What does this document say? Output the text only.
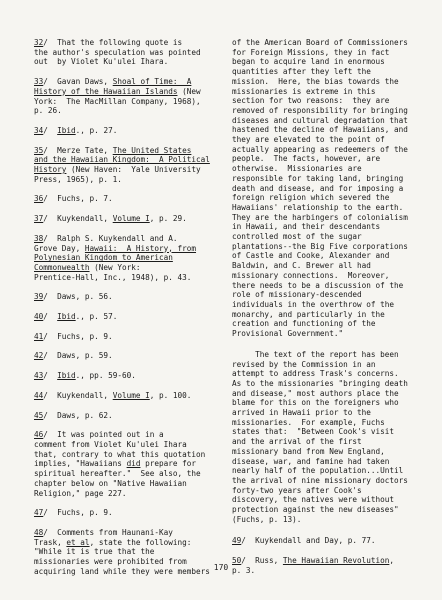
32/  That the following quote is
the author's speculation was pointed
out  by Violet Ku'ulei Ihara.
33/  Gavan Daws, Shoal of Time:  A
History of the Hawaiian Islands (New
York:  The MacMillan Company, 1968),
p. 26.
34/  Ibid., p. 27.
35/  Merze Tate, The United States
and the Hawaiian Kingdom:  A Political
History (New Haven:  Yale University
Press, 1965), p. 1.
36/  Fuchs, p. 7.
37/  Kuykendall, Volume I, p. 29.
38/  Ralph S. Kuykendall and A.
Grove Day, Hawaii:  A History, from
Polynesian Kingdom to American
Commonwealth (New York:
Prentice-Hall, Inc., 1948), p. 43.
39/  Daws, p. 56.
40/  Ibid., p. 57.
41/  Fuchs, p. 9.
42/  Daws, p. 59.
43/  Ibid., pp. 59-60.
44/  Kuykendall, Volume I, p. 100.
45/  Daws, p. 62.
46/  It was pointed out in a
comment from Violet Ku'ulei Ihara
that, contrary to what this quotation
implies, "Hawaiians did prepare for
spiritual hereafter."  See also, the
chapter below on "Native Hawaiian
Religion," page 227.
47/  Fuchs, p. 9.
48/  Comments from Haunani-Kay
Trask, et al, state the following:
"While it is true that the
missionaries were prohibited from
acquiring land while they were members
of the American Board of Commissioners
for Foreign Missions, they in fact
began to acquire land in enormous
quantities after they left the
mission.  Here, the bias towards the
missionaries is extreme in this
section for two reasons:  they are
removed of responsibility for bringing
diseases and cultural degradation that
hastened the decline of Hawaiians, and
they are elevated to the point of
actually appearing as redeemers of the
people.  The facts, however, are
otherwise.  Missionaries are
responsible for taking land, bringing
death and disease, and for imposing a
foreign religion which severed the
Hawaiians' relationship to the earth.
They are the harbingers of colonialism
in Hawaii, and their descendants
controlled most of the sugar
plantations--the Big Five corporations
of Castle and Cooke, Alexander and
Baldwin, and C. Brewer all had
missionary connections.  Moreover,
there needs to be a discussion of the
role of missionary-descended
individuals in the overthrow of the
monarchy, and particularly in the
creation and functioning of the
Provisional Government."
The text of the report has been
revised by the Commission in an
attempt to address Trask's concerns.
As to the missionaries "bringing death
and disease," most authors place the
blame for this on the foreigners who
arrived in Hawaii prior to the
missionaries.  For example, Fuchs
states that:  "Between Cook's visit
and the arrival of the first
missionary band from New England,
disease, war, and famine had taken
nearly half of the population...Until
the arrival of nine missionary doctors
forty-two years after Cook's
discovery, the natives were without
protection against the new diseases"
(Fuchs, p. 13).
49/  Kuykendall and Day, p. 77.
50/  Russ, The Hawaiian Revolution,
p. 3.
170
